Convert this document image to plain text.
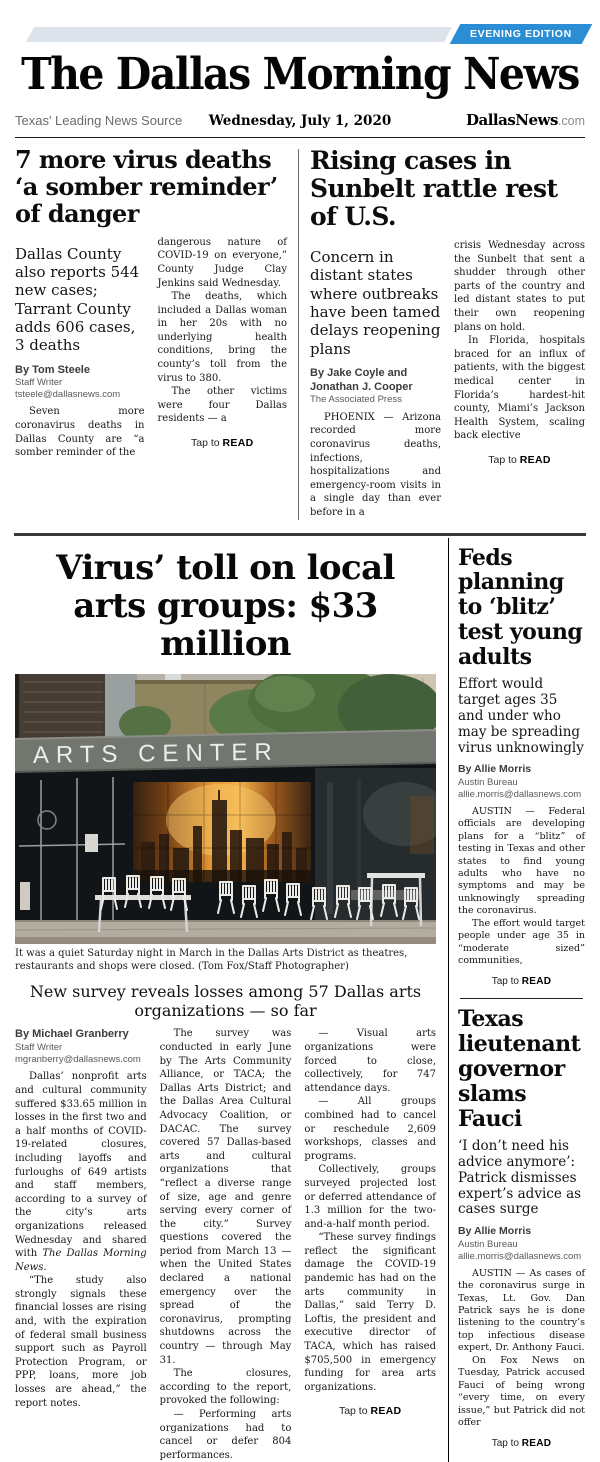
EVENING EDITION
The Dallas Morning News
Texas' Leading News Source	Wednesday, July 1, 2020	DallasNews.com
7 more virus deaths ‘a somber reminder’ of danger
Dallas County also reports 544 new cases; Tarrant County adds 606 cases, 3 deaths
By Tom Steele
Staff Writer
tsteele@dallasnews.com

Seven more coronavirus deaths in Dallas County are “a somber reminder of the

dangerous nature of COVID-19 on everyone,” County Judge Clay Jenkins said Wednesday.

The deaths, which included a Dallas woman in her 20s with no underlying health conditions, bring the county’s toll from the virus to 380.

The other victims were four Dallas residents — a

Tap to READ
Rising cases in Sunbelt rattle rest of U.S.
Concern in distant states where outbreaks have been tamed delays reopening plans
By Jake Coyle and Jonathan J. Cooper
The Associated Press

PHOENIX — Arizona recorded more coronavirus deaths, infections, hospitalizations and emergency-room visits in a single day than ever before in a

crisis Wednesday across the Sunbelt that sent a shudder through other parts of the country and led distant states to put their own reopening plans on hold.

In Florida, hospitals braced for an influx of patients, with the biggest medical center in Florida’s hardest-hit county, Miami’s Jackson Health System, scaling back elective

Tap to READ
Virus’ toll on local arts groups: $33 million
ARTS CENTER
It was a quiet Saturday night in March in the Dallas Arts District as theatres, restaurants and shops were closed. (Tom Fox/Staff Photographer)
New survey reveals losses among 57 Dallas arts organizations — so far
By Michael Granberry
Staff Writer
mgranberry@dallasnews.com

Dallas’ nonprofit arts and cultural community suffered $33.65 million in losses in the first two and a half months of COVID-19-related closures, including layoffs and furloughs of 649 artists and staff members, according to a survey of the city’s arts organizations released Wednesday and shared with The Dallas Morning News.

“The study also strongly signals these financial losses are rising and, with the expiration of federal small business support such as Payroll Protection Program, or PPP, loans, more job losses are ahead,” the report notes.

The survey was conducted in early June by The Arts Community Alliance, or TACA; the Dallas Arts District; and the Dallas Area Cultural Advocacy Coalition, or DACAC. The survey covered 57 Dallas-based arts and cultural organizations that “reflect a diverse range of size, age and genre serving every corner of the city.” Survey questions covered the period from March 13 — when the United States declared a national emergency over the spread of the coronavirus, prompting shutdowns across the country — through May 31.

The closures, according to the report, provoked the following:

— Performing arts organizations had to cancel or defer 804 performances.

— Visual arts organizations were forced to close, collectively, for 747 attendance days.

— All groups combined had to cancel or reschedule 2,609 workshops, classes and programs.

Collectively, groups surveyed projected lost or deferred attendance of 1.3 million for the two-and-a-half month period.

“These survey findings reflect the significant damage the COVID-19 pandemic has had on the arts community in Dallas,” said Terry D. Loftis, the president and executive director of TACA, which has raised $705,500 in emergency funding for area arts organizations.

Tap to READ
Feds planning to ‘blitz’ test young adults
Effort would target ages 35 and under who may be spreading virus unknowingly
By Allie Morris
Austin Bureau
allie.morris@dallasnews.com

AUSTIN — Federal officials are developing plans for a “blitz” of testing in Texas and other states to find young adults who have no symptoms and may be unknowingly spreading the coronavirus.

The effort would target people under age 35 in “moderate sized” communities,

Tap to READ
Texas lieutenant governor slams Fauci
‘I don’t need his advice anymore’: Patrick dismisses expert’s advice as cases surge
By Allie Morris
Austin Bureau
allie.morris@dallasnews.com

AUSTIN — As cases of the coronavirus surge in Texas, Lt. Gov. Dan Patrick says he is done listening to the country’s top infectious disease expert, Dr. Anthony Fauci.

On Fox News on Tuesday, Patrick accused Fauci of being wrong “every time, on every issue,” but Patrick did not offer

Tap to READ
